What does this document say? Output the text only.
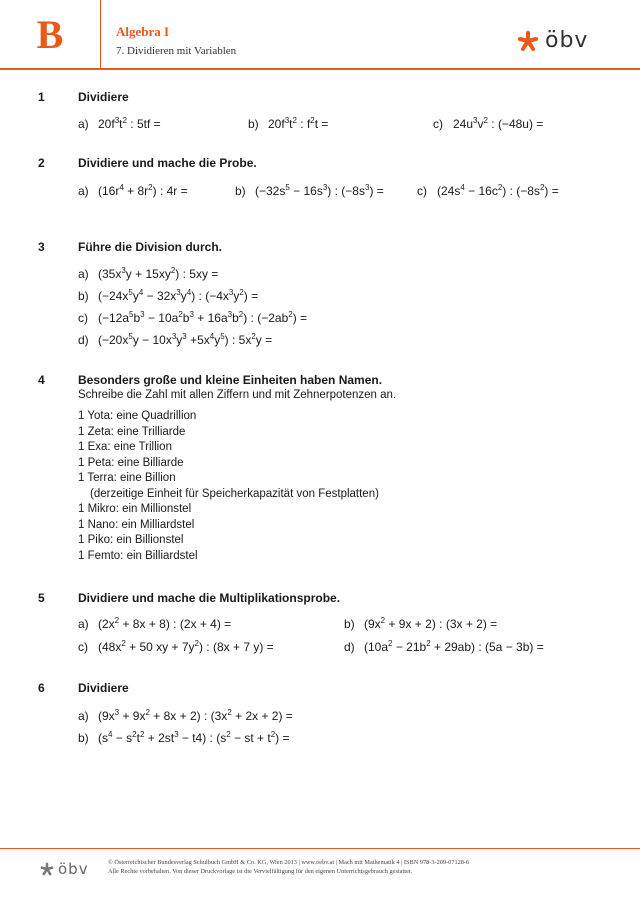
B	Algebra I
7. Dividieren mit Variablen	öbv
1	Dividiere
a) $20f^3t^2$ : 5tf =	b) $20f^3t^2$ : $f^2t$ =	c) $24u^3v^2$ : (−48u) =
2	Dividiere und mache die Probe.
a) $(16r^4 + 8r^2)$ : 4r =	b) $(-32s^5 - 16s^3)$ : $(-8s^3)$ =	c) $(24s^4 - 16c^2)$ : $(-8s^2)$ =
3	Führe die Division durch.
a) $(35x^3y + 15xy^2)$ : 5xy =
b) $(-24x^5y^4 - 32x^3y^4)$ : $(-4x^3y^2)$ =
c) $(-12a^5b^3 - 10a^2b^3 + 16a^3b^2)$ : $(-2ab^2)$ =
d) $(-20x^5y - 10x^3y^3 +5x^4y^5)$ : $5x^2y$ =
4	Besonders große und kleine Einheiten haben Namen.
Schreibe die Zahl mit allen Ziffern und mit Zehnerpotenzen an.
1 Yota: eine Quadrillion
1 Zeta: eine Trilliarde
1 Exa: eine Trillion
1 Peta: eine Billiarde
1 Terra: eine Billion
(derzeitige Einheit für Speicherkapazität von Festplatten)
1 Mikro: ein Millionstel
1 Nano: ein Milliardstel
1 Piko: ein Billionstel
1 Femto: ein Billiardstel
5	Dividiere und mache die Multiplikationsprobe.
a) $(2x^2 + 8x + 8)$ : (2x + 4) =	b) $(9x^2 + 9x + 2)$ : (3x + 2) =
c) ($48x^2 + 50$ xy + $7y^2$) : (8x + 7 y) =	d) $(10a^2 - 21b^2 + 29ab)$ : (5a − 3b) =
6	Dividiere
a) $(9x^3 + 9x^2 + 8x + 2)$ : $(3x^2 + 2x + 2)$ =
b) $(s^4 - s^2t^2 + 2st^3 - t4)$ : ($s^2$ − st + $t^2$) =
öbv	© Österreichischer Bundesverlag Schulbuch GmbH & Co. KG, Wien 2013 | www.oebv.at | Mach mit Mathematik 4 | ISBN 978-3-209-07128-6
Alle Rechte vorbehalten. Von dieser Druckvorlage ist die Vervielfältigung für den eigenen Unterrichtsgebrauch gestattet.
